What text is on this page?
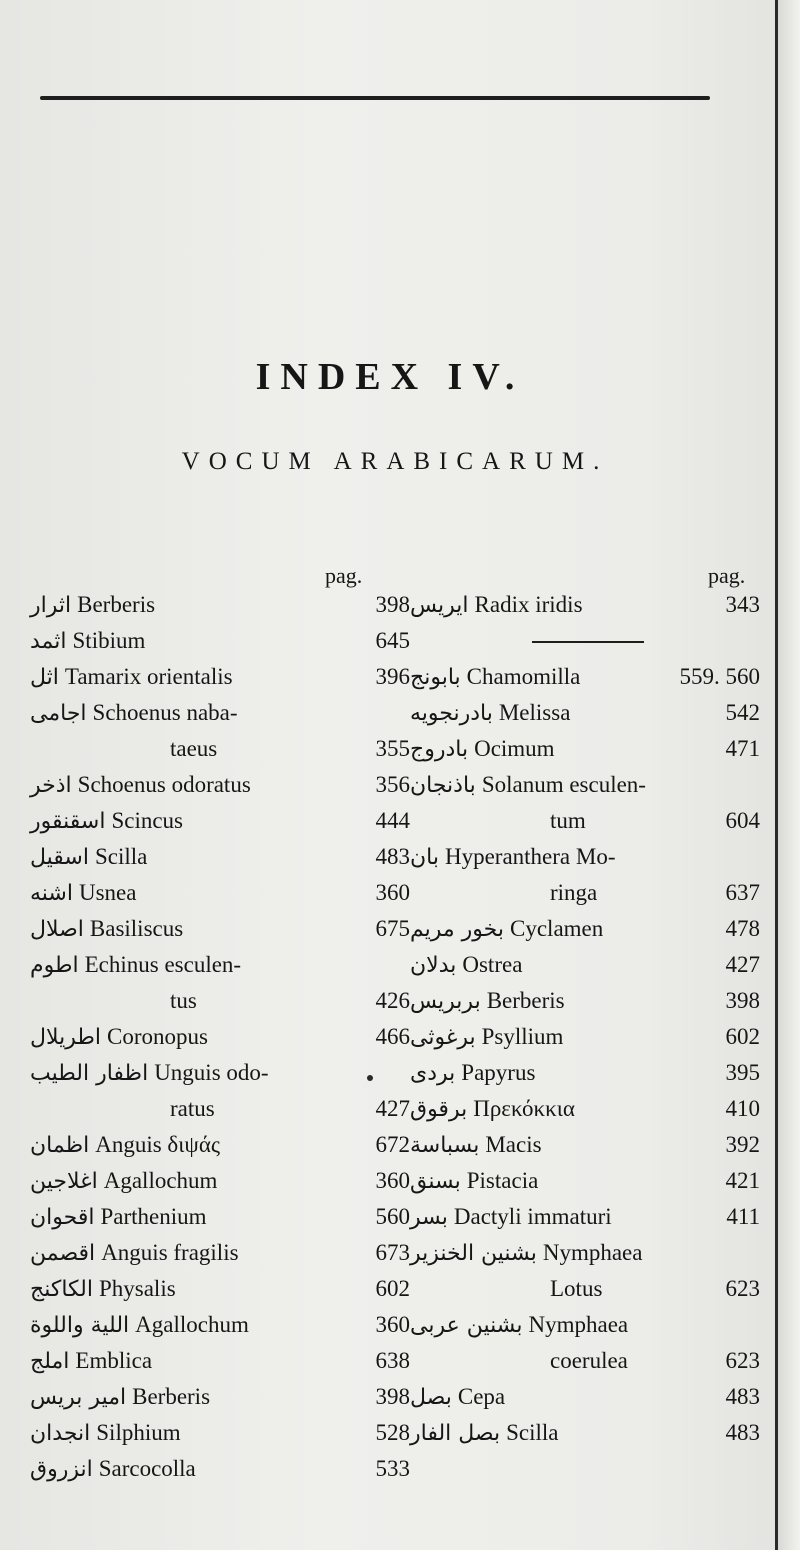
INDEX IV.
VOCUM ARABICARUM.
pag.	pag.
اثرار Berberis	398
اثمد Stibium	645
اثل Tamarix orientalis	396
اجامى Schoenus naba-
taeus	355
اذخر Schoenus odoratus	356
اسقنقور Scincus	444
اسقيل Scilla	483
اشنه Usnea	360
اصلال Basiliscus	675
اطوم Echinus esculen-
tus	426
اطريلال Coronopus	466
اظفار الطيب Unguis odo-
ratus	427
اظمان Anguis διψάς	672
اغلاجين Agallochum	360
اقحوان Parthenium	560
اقصمن Anguis fragilis	673
الكاكنج Physalis	602
اللية واللوة Agallochum	360
املج Emblica	638
امير بريس Berberis	398
انجدان Silphium	528
انزروق Sarcocolla	533
ايريس Radix iridis	343
بابونج Chamomilla	559. 560
بادرنجويه Melissa	542
بادروج Ocimum	471
باذنجان Solanum esculen-
tum	604
بان Hyperanthera Mo-
ringa	637
بخور مريم Cyclamen	478
بدلان Ostrea	427
بربريس Berberis	398
برغوثى Psyllium	602
بردى Papyrus	395
برقوق Πρεκόκκια	410
بسباسة Macis	392
بسنق Pistacia	421
بسر Dactyli immaturi	411
بشنين الخنزير Nymphaea
Lotus	623
بشنين عربى Nymphaea
coerulea	623
بصل Cepa	483
بصل الفار Scilla	483
